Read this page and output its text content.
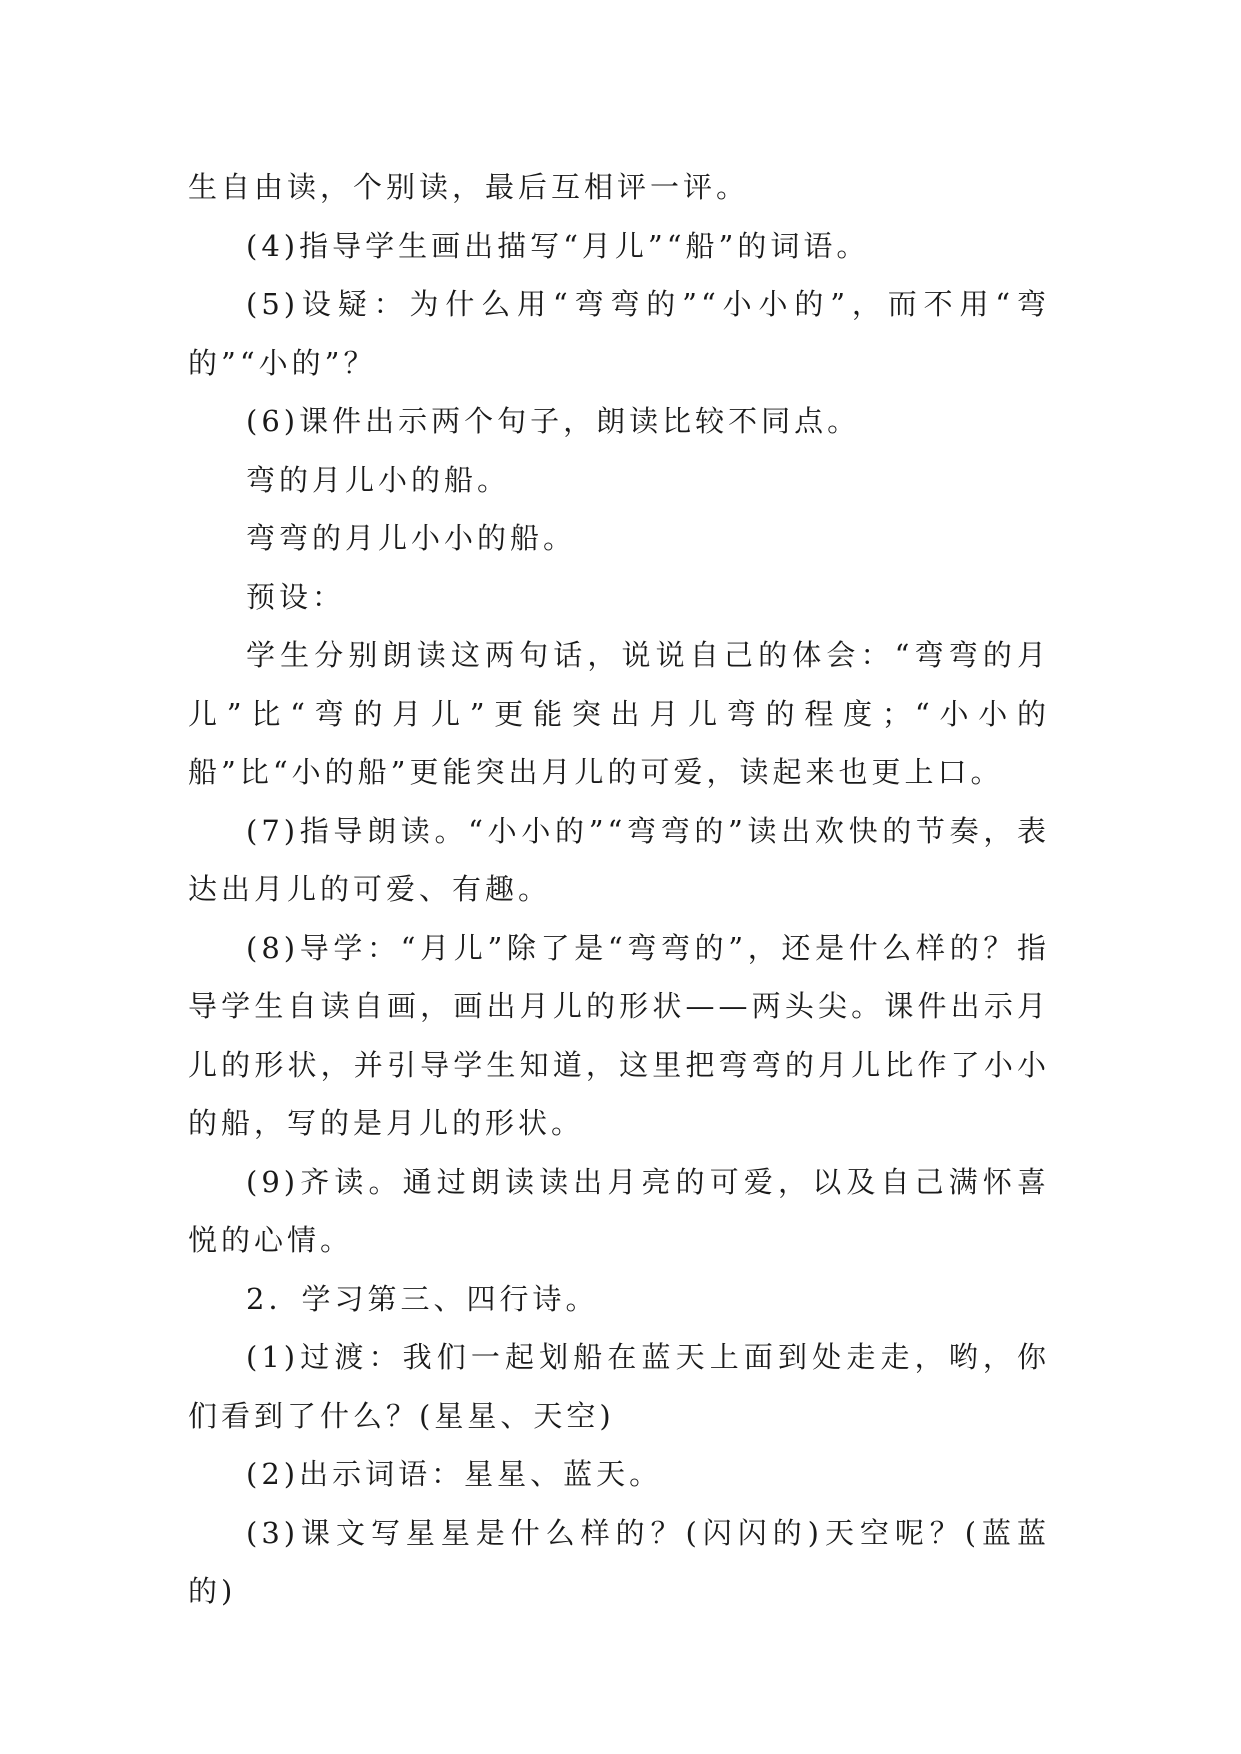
生自由读，个别读，最后互相评一评。

(4)指导学生画出描写“月儿”“船”的词语。

(5)设疑：为什么用“弯弯的”“小小的”，而不用“弯的”“小的”？

(6)课件出示两个句子，朗读比较不同点。

弯的月儿小的船。

弯弯的月儿小小的船。

预设：

学生分别朗读这两句话，说说自己的体会：“弯弯的月儿”比“弯的月儿”更能突出月儿弯的程度；“小小的船”比“小的船”更能突出月儿的可爱，读起来也更上口。

(7)指导朗读。“小小的”“弯弯的”读出欢快的节奏，表达出月儿的可爱、有趣。

(8)导学：“月儿”除了是“弯弯的”，还是什么样的？指导学生自读自画，画出月儿的形状——两头尖。课件出示月儿的形状，并引导学生知道，这里把弯弯的月儿比作了小小的船，写的是月儿的形状。

(9)齐读。通过朗读读出月亮的可爱，以及自己满怀喜悦的心情。

2．学习第三、四行诗。

(1)过渡：我们一起划船在蓝天上面到处走走，哟，你们看到了什么？(星星、天空)

(2)出示词语：星星、蓝天。

(3)课文写星星是什么样的？(闪闪的)天空呢？(蓝蓝的)
